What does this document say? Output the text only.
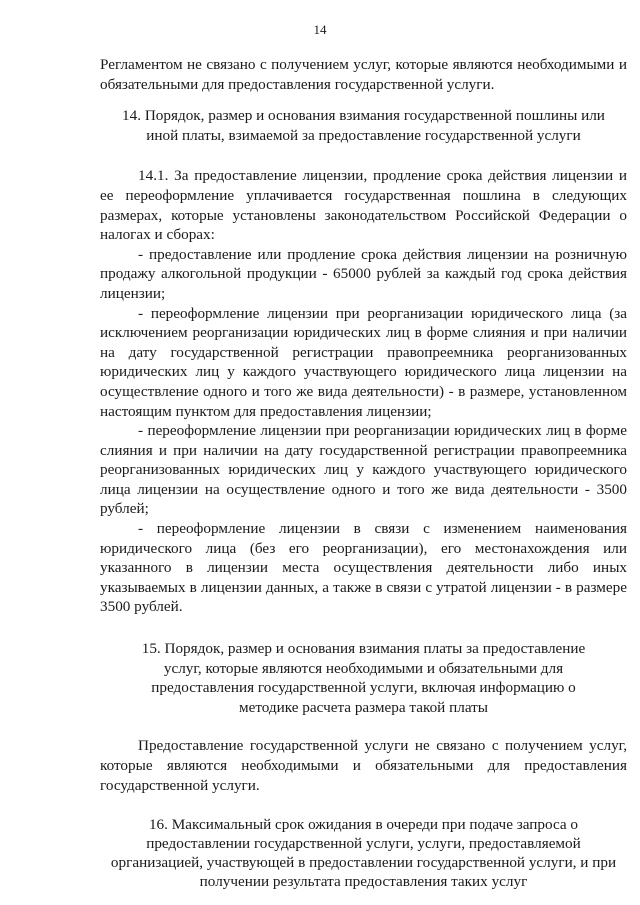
14

Регламентом не связано с получением услуг, которые являются необходимыми и обязательными для предоставления государственной услуги.

14. Порядок, размер и основания взимания государственной пошлины или иной платы, взимаемой за предоставление государственной услуги

14.1. За предоставление лицензии, продление срока действия лицензии и ее переоформление уплачивается государственная пошлина в следующих размерах, которые установлены законодательством Российской Федерации о налогах и сборах:

- предоставление или продление срока действия лицензии на розничную продажу алкогольной продукции - 65000 рублей за каждый год срока действия лицензии;

- переоформление лицензии при реорганизации юридического лица (за исключением реорганизации юридических лиц в форме слияния и при наличии на дату государственной регистрации правопреемника реорганизованных юридических лиц у каждого участвующего юридического лица лицензии на осуществление одного и того же вида деятельности) - в размере, установленном настоящим пунктом для предоставления лицензии;

- переоформление лицензии при реорганизации юридических лиц в форме слияния и при наличии на дату государственной регистрации правопреемника реорганизованных юридических лиц у каждого участвующего юридического лица лицензии на осуществление одного и того же вида деятельности - 3500 рублей;

- переоформление лицензии в связи с изменением наименования юридического лица (без его реорганизации), его местонахождения или указанного в лицензии места осуществления деятельности либо иных указываемых в лицензии данных, а также в связи с утратой лицензии - в размере 3500 рублей.

15. Порядок, размер и основания взимания платы за предоставление услуг, которые являются необходимыми и обязательными для предоставления государственной услуги, включая информацию о методике расчета размера такой платы

Предоставление государственной услуги не связано с получением услуг, которые являются необходимыми и обязательными для предоставления государственной услуги.

16. Максимальный срок ожидания в очереди при подаче запроса о предоставлении государственной услуги, услуги, предоставляемой организацией, участвующей в предоставлении государственной услуги, и при получении результата предоставления таких услуг
